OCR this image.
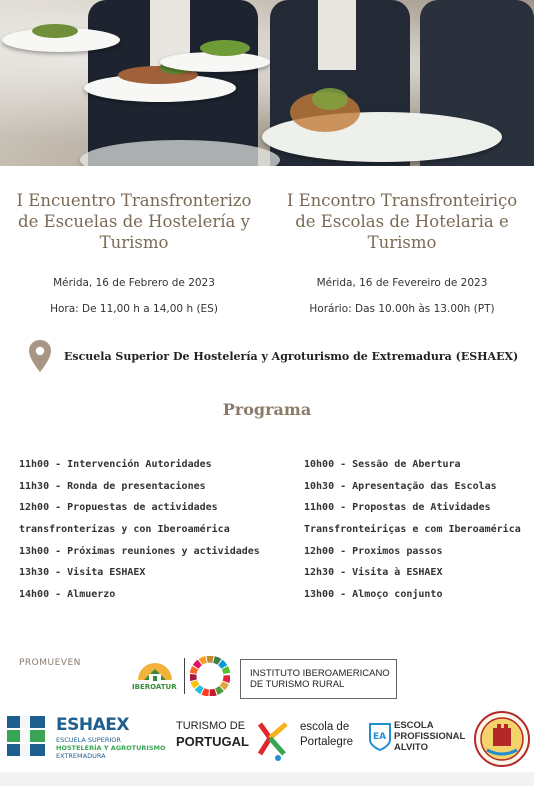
I Encuentro Transfronterizo
de Escuelas de Hostelería y
Turismo
I Encontro Transfronteiriço
de Escolas de Hotelaria e
Turismo
Mérida, 16 de Febrero de 2023
Hora: De 11,00 h a 14,00 h (ES)
Mérida, 16 de Fevereiro de 2023
Horário: Das 10.00h às 13.00h (PT)
Escuela Superior De Hostelería y Agroturismo de Extremadura (ESHAEX)
Programa
11h00 - Intervención Autoridades
11h30 - Ronda de presentaciones
12h00 - Propuestas de actividades
transfronterizas y con Iberoamérica
13h00 - Próximas reuniones y actividades
13h30 - Visita ESHAEX
14h00 - Almuerzo
10h00 - Sessão de Abertura
10h30 - Apresentação das Escolas
11h00 - Propostas de Atividades
Transfronteiriças e com Iberoamérica
12h00 - Proximos passos
12h30 - Visita à ESHAEX
13h00 - Almoço conjunto
PROMUEVEN
IBEROATUR
INSTITUTO IBEROAMERICANO
DE TURISMO RURAL
ESHAEX
ESCUELA SUPERIOR
HOSTELERÍA Y AGROTURISMO
EXTREMADURA
TURISMO DE
PORTUGAL
escola de
Portalegre	EA
ESCOLA
PROFISSIONAL
ALVITO
